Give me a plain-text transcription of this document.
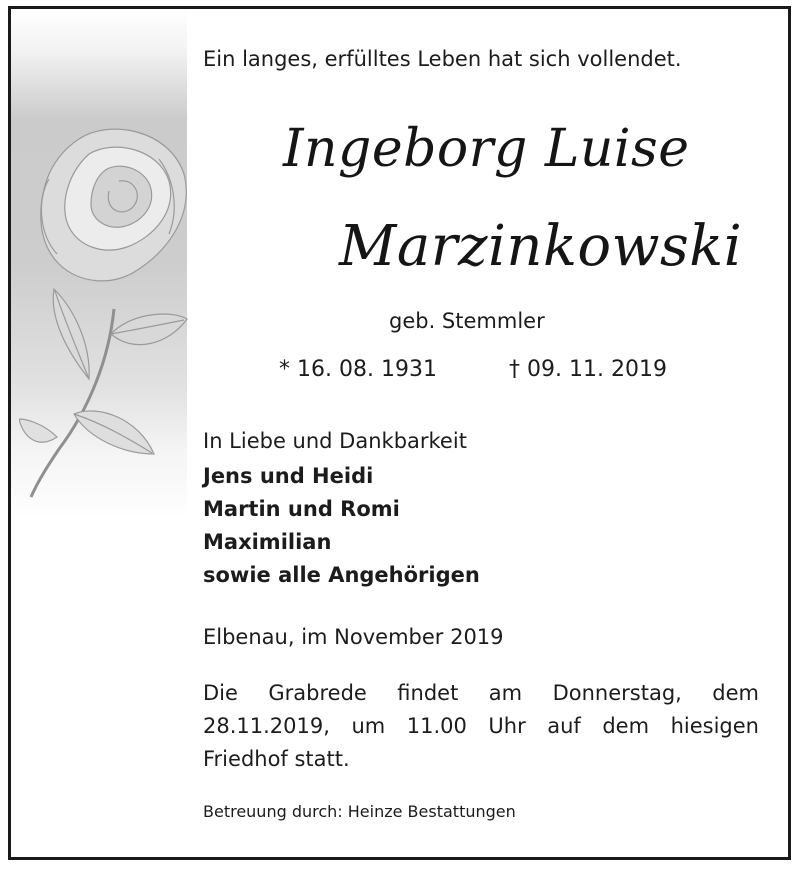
Ein langes, erfülltes Leben hat sich vollendet.
Ingeborg Luise
Marzinkowski
geb. Stemmler
* 16. 08. 1931	† 09. 11. 2019
In Liebe und Dankbarkeit
Jens und Heidi
Martin und Romi
Maximilian
sowie alle Angehörigen
Elbenau, im November 2019
Die Grabrede findet am Donnerstag, dem
28.11.2019, um 11.00 Uhr auf dem hiesigen
Friedhof statt.
Betreuung durch: Heinze Bestattungen
